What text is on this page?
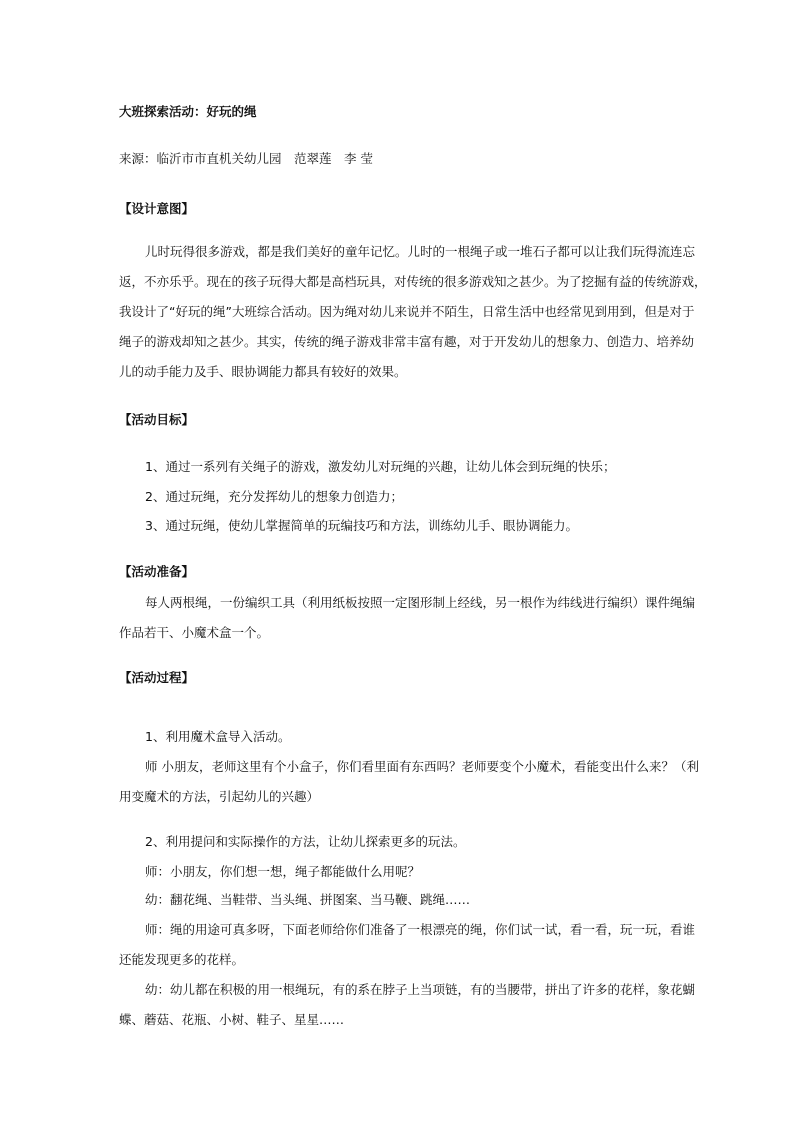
大班探索活动：好玩的绳
来源：临沂市市直机关幼儿园　范翠莲　李 莹
【设计意图】
儿时玩得很多游戏，都是我们美好的童年记忆。儿时的一根绳子或一堆石子都可以让我们玩得流连忘
返，不亦乐乎。现在的孩子玩得大都是高档玩具，对传统的很多游戏知之甚少。为了挖掘有益的传统游戏，
我设计了“好玩的绳”大班综合活动。因为绳对幼儿来说并不陌生，日常生活中也经常见到用到，但是对于
绳子的游戏却知之甚少。其实，传统的绳子游戏非常丰富有趣，对于开发幼儿的想象力、创造力、培养幼
儿的动手能力及手、眼协调能力都具有较好的效果。
【活动目标】
1、通过一系列有关绳子的游戏，激发幼儿对玩绳的兴趣，让幼儿体会到玩绳的快乐；
2、通过玩绳，充分发挥幼儿的想象力创造力；
3、通过玩绳，使幼儿掌握简单的玩编技巧和方法，训练幼儿手、眼协调能力。
【活动准备】
每人两根绳，一份编织工具（利用纸板按照一定图形制上经线，另一根作为纬线进行编织）课件绳编
作品若干、小魔术盒一个。
【活动过程】
1、利用魔术盒导入活动。
师 小朋友，老师这里有个小盒子，你们看里面有东西吗？老师要变个小魔术，看能变出什么来？（利
用变魔术的方法，引起幼儿的兴趣）
2、利用提问和实际操作的方法，让幼儿探索更多的玩法。
师：小朋友，你们想一想，绳子都能做什么用呢？
幼：翻花绳、当鞋带、当头绳、拼图案、当马鞭、跳绳……
师：绳的用途可真多呀，下面老师给你们准备了一根漂亮的绳，你们试一试，看一看，玩一玩，看谁
还能发现更多的花样。
幼：幼儿都在积极的用一根绳玩，有的系在脖子上当项链，有的当腰带，拼出了许多的花样，象花蝴
蝶、蘑菇、花瓶、小树、鞋子、星星……
